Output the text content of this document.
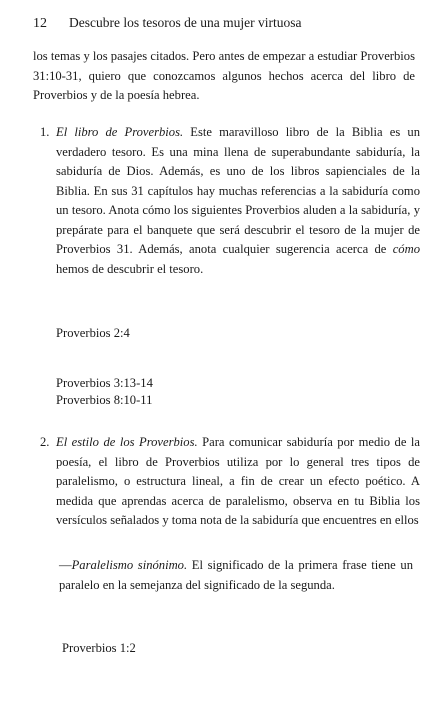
12 Descubre los tesoros de una mujer virtuosa
los temas y los pasajes citados. Pero antes de empezar a estudiar Proverbios 31:10-31, quiero que conozcamos algunos hechos acerca del libro de Proverbios y de la poesía hebrea.
1. El libro de Proverbios. Este maravilloso libro de la Biblia es un verdadero tesoro. Es una mina llena de superabundante sabiduría, la sabiduría de Dios. Además, es uno de los libros sapienciales de la Biblia. En sus 31 capítulos hay muchas referencias a la sabiduría como un tesoro. Anota cómo los siguientes Proverbios aluden a la sabiduría, y prepárate para el banquete que será descubrir el tesoro de la mujer de Proverbios 31. Además, anota cualquier sugerencia acerca de cómo hemos de descubrir el tesoro.
Proverbios 2:4
Proverbios 3:13-14
Proverbios 8:10-11
2. El estilo de los Proverbios. Para comunicar sabiduría por medio de la poesía, el libro de Proverbios utiliza por lo general tres tipos de paralelismo, o estructura lineal, a fin de crear un efecto poético. A medida que aprendas acerca de paralelismo, observa en tu Biblia los versículos señalados y toma nota de la sabiduría que encuentres en ellos
—Paralelismo sinónimo. El significado de la primera frase tiene un paralelo en la semejanza del significado de la segunda.
Proverbios 1:2
